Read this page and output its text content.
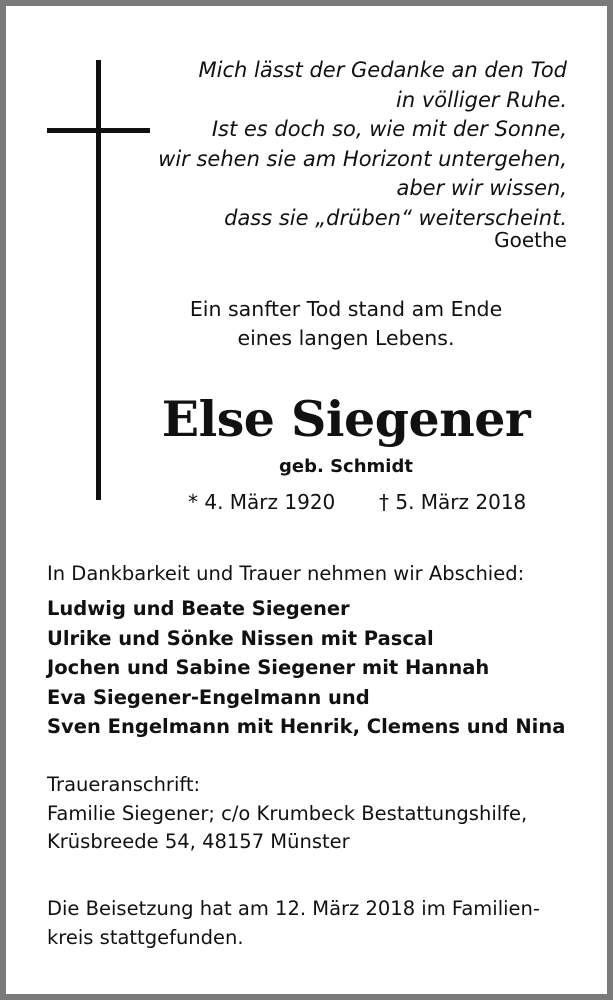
Mich lässt der Gedanke an den Tod
in völliger Ruhe.
Ist es doch so, wie mit der Sonne,
wir sehen sie am Horizont untergehen,
aber wir wissen,
dass sie „drüben“ weiterscheint.
Goethe
Ein sanfter Tod stand am Ende
eines langen Lebens.
Else Siegener
geb. Schmidt
* 4. März 1920 † 5. März 2018
In Dankbarkeit und Trauer nehmen wir Abschied:
Ludwig und Beate Siegener
Ulrike und Sönke Nissen mit Pascal
Jochen und Sabine Siegener mit Hannah
Eva Siegener-Engelmann und
Sven Engelmann mit Henrik, Clemens und Nina
Traueranschrift:
Familie Siegener; c/o Krumbeck Bestattungshilfe,
Krüsbreede 54, 48157 Münster
Die Beisetzung hat am 12. März 2018 im Familien-
kreis stattgefunden.
